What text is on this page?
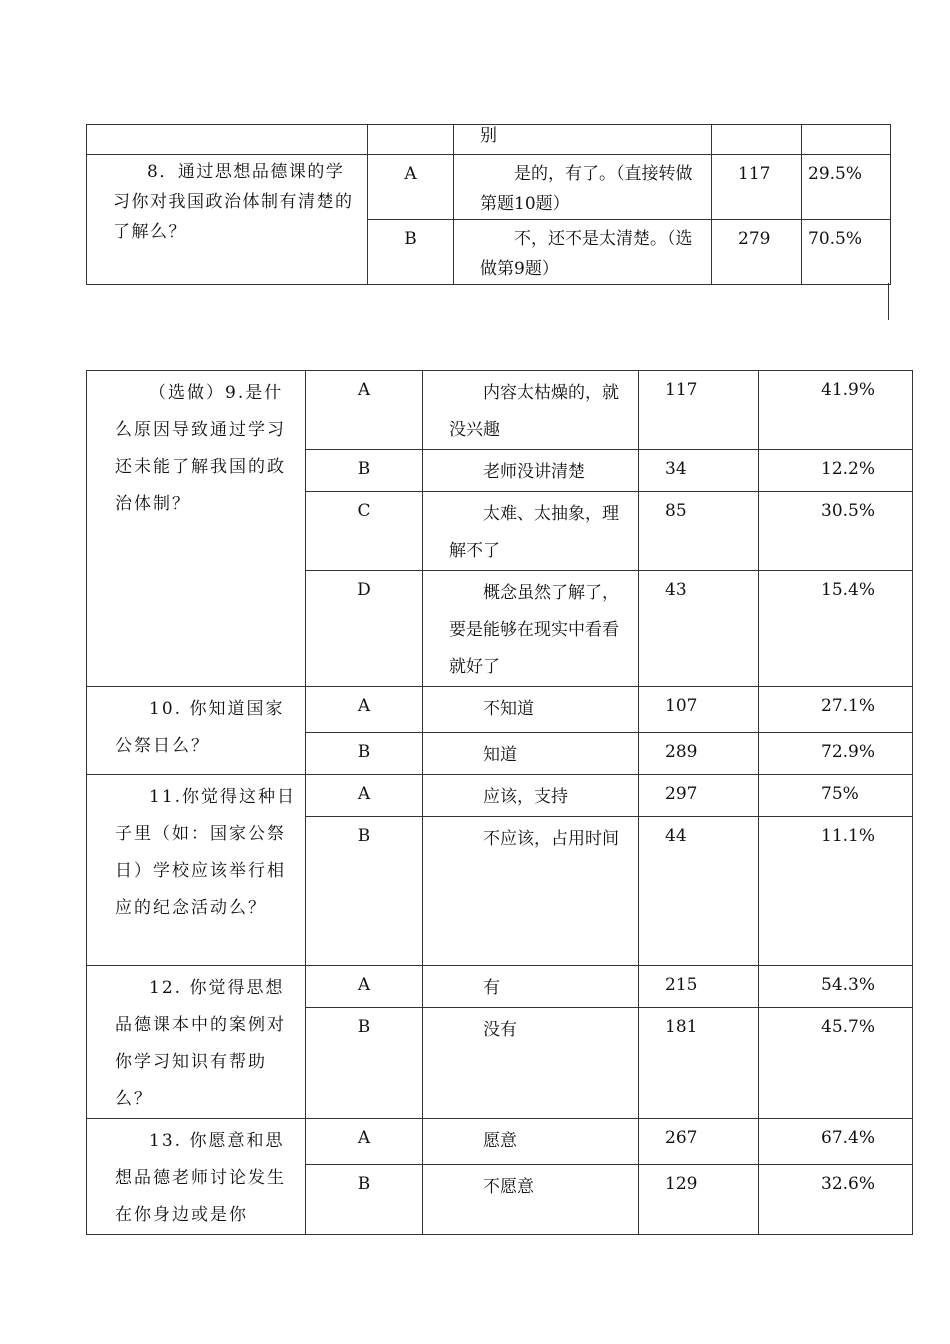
		别		
8．通过思想品德课的学习你对我国政治体制有清楚的了解么？	A	是的，有了。（直接转做第题10题）	117	29.5%
	B	不，还不是太清楚。（选做第9题）	279	70.5%
（选做）9.是什么原因导致通过学习还未能了解我国的政治体制？	A	内容太枯燥的，就没兴趣	117	41.9%
	B	老师没讲清楚	34	12.2%
	C	太难、太抽象，理解不了	85	30.5%
	D	概念虽然了解了，要是能够在现实中看看就好了	43	15.4%
10. 你知道国家公祭日么？	A	不知道	107	27.1%
	B	知道	289	72.9%
11.你觉得这种日子里（如：国家公祭日）学校应该举行相应的纪念活动么？	A	应该，支持	297	75%
	B	不应该，占用时间	44	11.1%
12. 你觉得思想品德课本中的案例对你学习知识有帮助么？	A	有	215	54.3%
	B	没有	181	45.7%
13. 你愿意和思想品德老师讨论发生在你身边或是你	A	愿意	267	67.4%
	B	不愿意	129	32.6%
